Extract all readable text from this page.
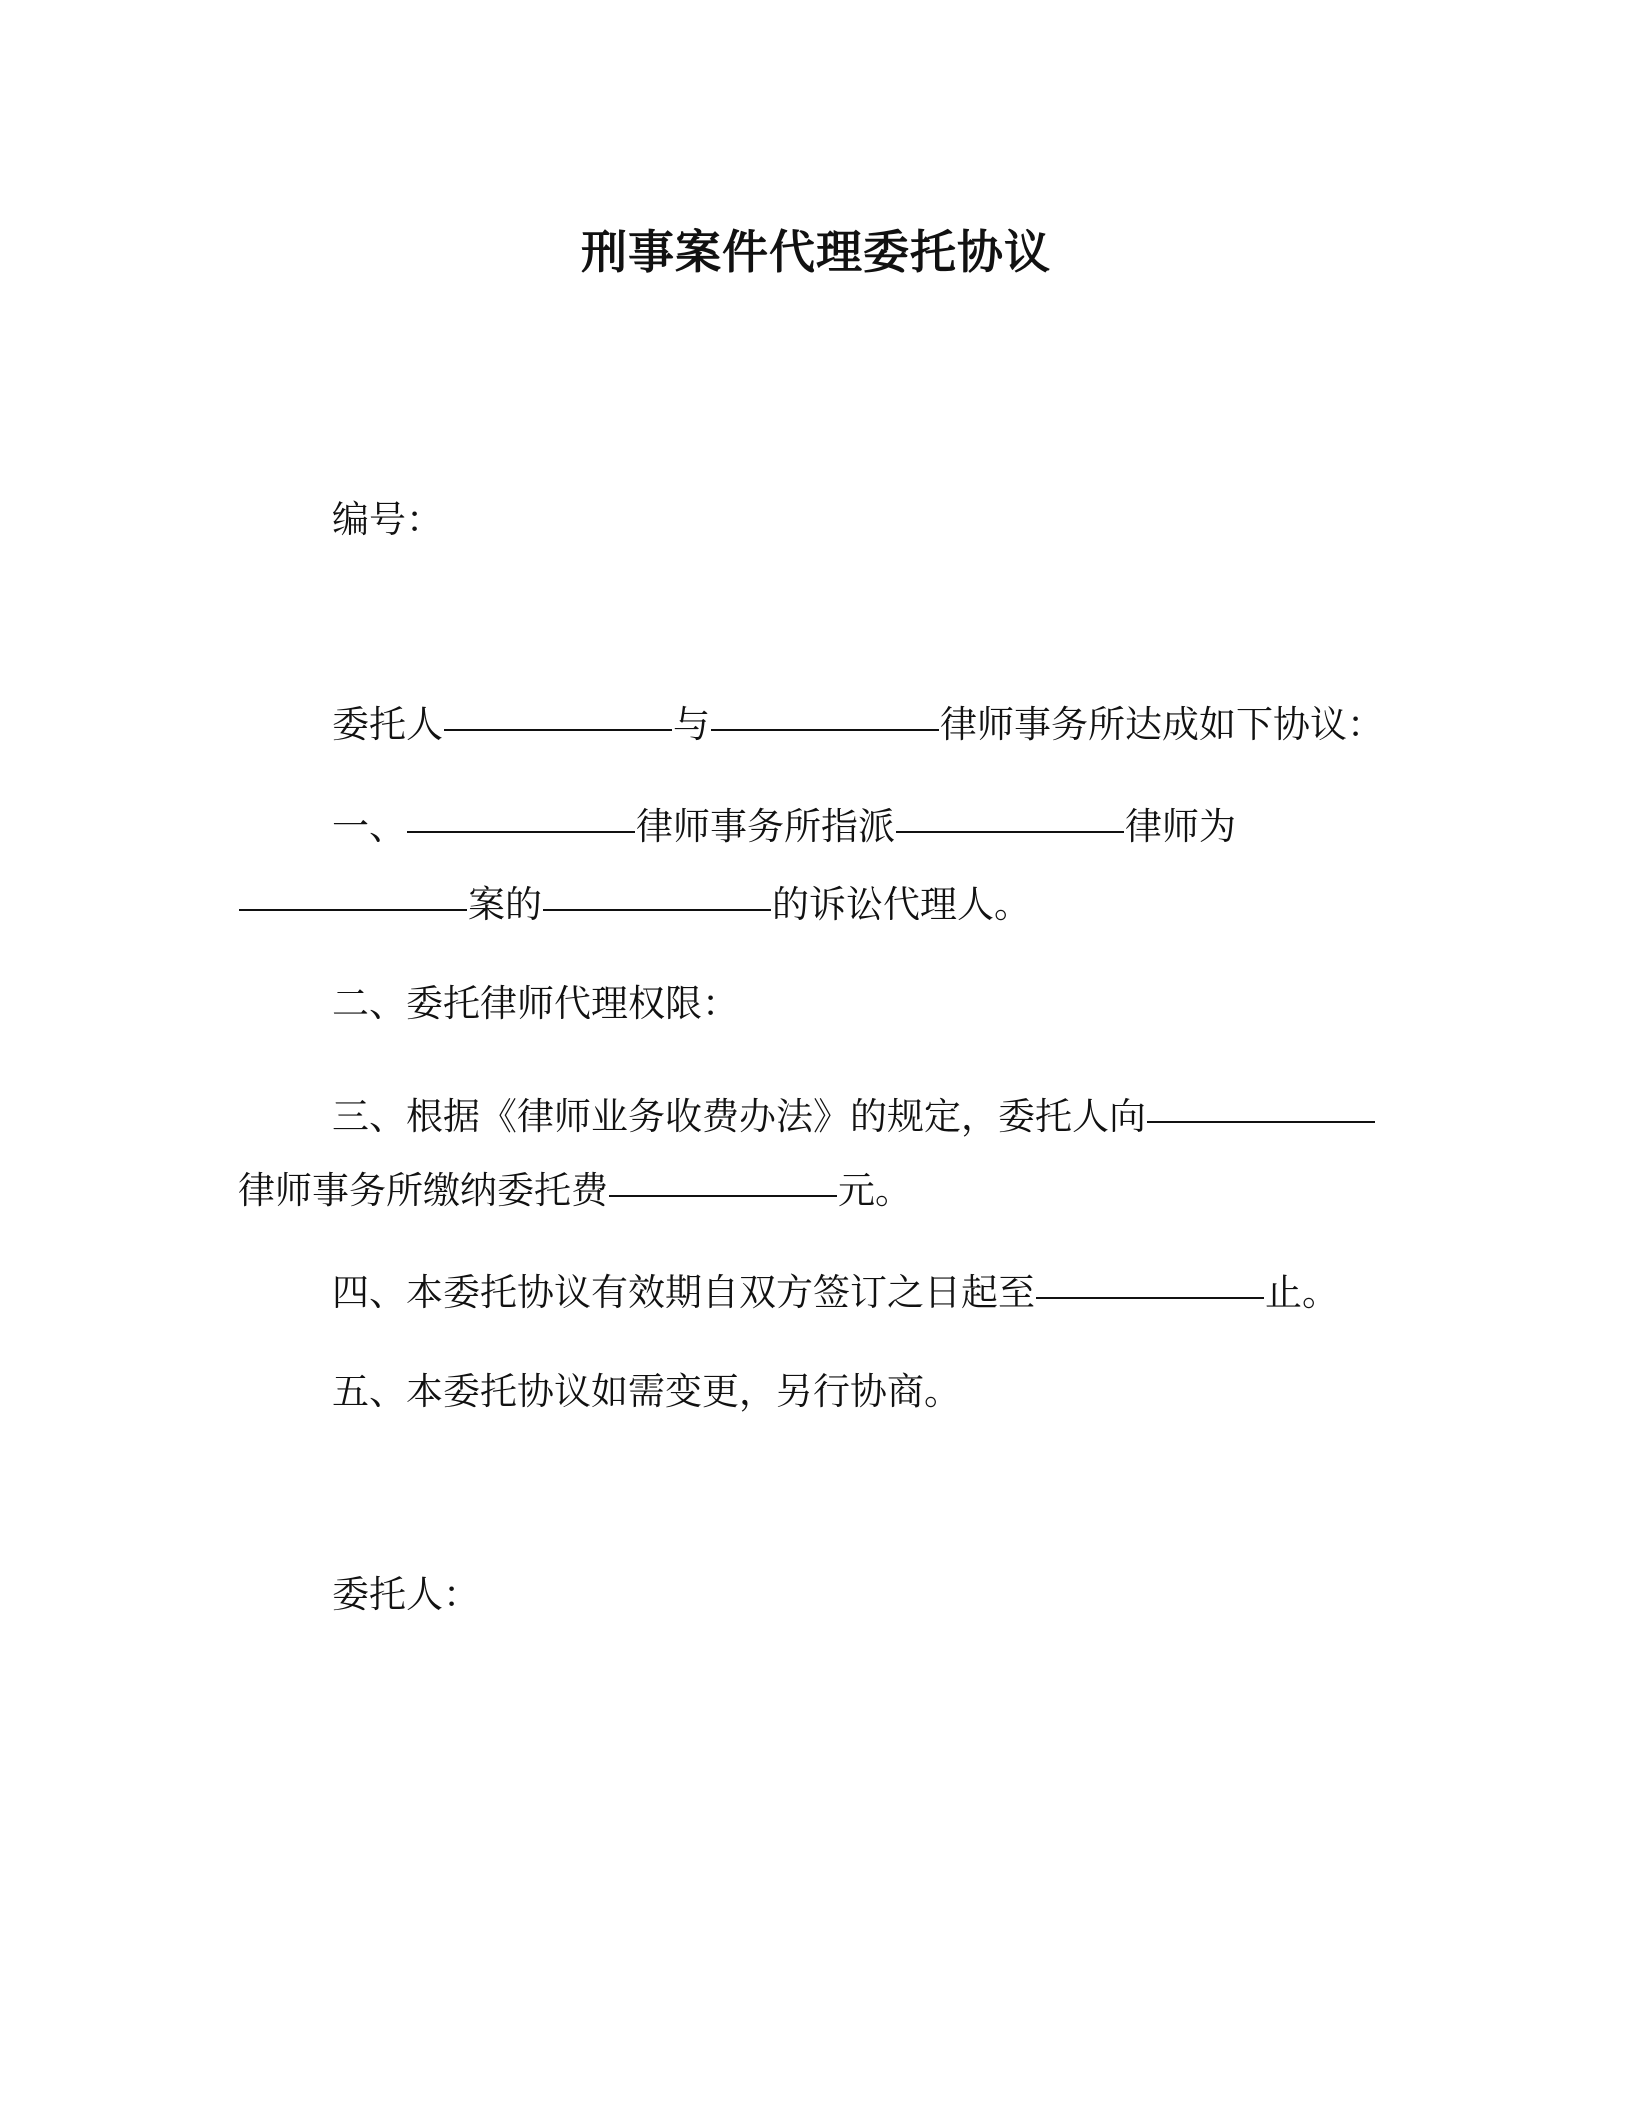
刑事案件代理委托协议
编号：
委托人	与	律师事务所达成如下协议：
一、	律师事务所指派	律师为
案的	的诉讼代理人。
二、委托律师代理权限：
三、根据《律师业务收费办法》的规定，委托人向
律师事务所缴纳委托费	元。
四、本委托协议有效期自双方签订之日起至	止。
五、本委托协议如需变更，另行协商。
委托人：
